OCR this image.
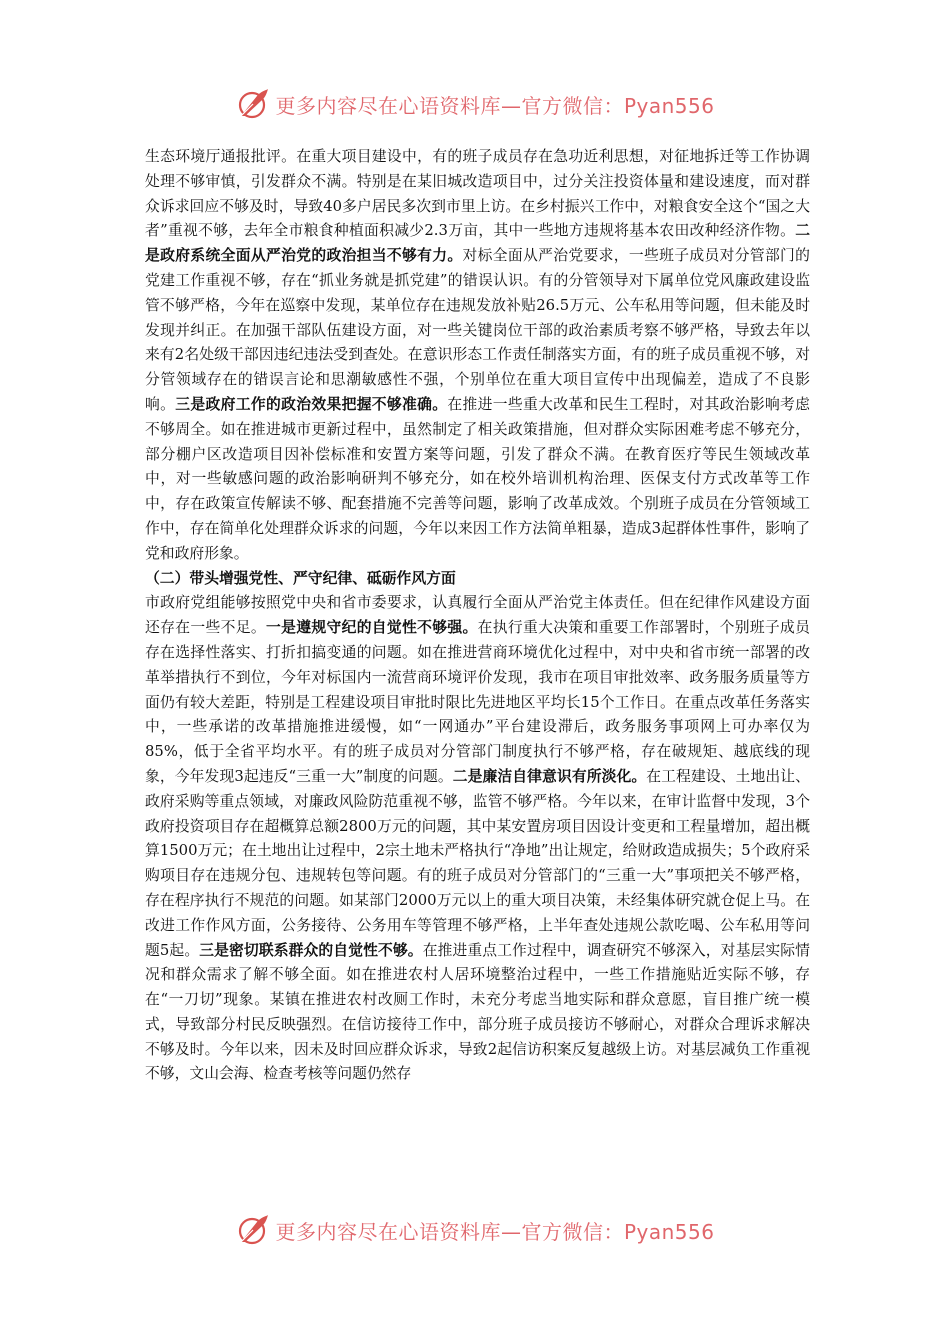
更多内容尽在心语资料库—官方微信：Pyan556

生态环境厅通报批评。在重大项目建设中，有的班子成员存在急功近利思想，对征地拆迁等工作协调处理不够审慎，引发群众不满。特别是在某旧城改造项目中，过分关注投资体量和建设速度，而对群众诉求回应不够及时，导致40多户居民多次到市里上访。在乡村振兴工作中，对粮食安全这个“国之大者”重视不够，去年全市粮食种植面积减少2.3万亩，其中一些地方违规将基本农田改种经济作物。二是政府系统全面从严治党的政治担当不够有力。对标全面从严治党要求，一些班子成员对分管部门的党建工作重视不够，存在“抓业务就是抓党建”的错误认识。有的分管领导对下属单位党风廉政建设监管不够严格，今年在巡察中发现，某单位存在违规发放补贴26.5万元、公车私用等问题，但未能及时发现并纠正。在加强干部队伍建设方面，对一些关键岗位干部的政治素质考察不够严格，导致去年以来有2名处级干部因违纪违法受到查处。在意识形态工作责任制落实方面，有的班子成员重视不够，对分管领域存在的错误言论和思潮敏感性不强，个别单位在重大项目宣传中出现偏差，造成了不良影响。三是政府工作的政治效果把握不够准确。在推进一些重大改革和民生工程时，对其政治影响考虑不够周全。如在推进城市更新过程中，虽然制定了相关政策措施，但对群众实际困难考虑不够充分，部分棚户区改造项目因补偿标准和安置方案等问题，引发了群众不满。在教育医疗等民生领域改革中，对一些敏感问题的政治影响研判不够充分，如在校外培训机构治理、医保支付方式改革等工作中，存在政策宣传解读不够、配套措施不完善等问题，影响了改革成效。个别班子成员在分管领域工作中，存在简单化处理群众诉求的问题，今年以来因工作方法简单粗暴，造成3起群体性事件，影响了党和政府形象。

（二）带头增强党性、严守纪律、砥砺作风方面

市政府党组能够按照党中央和省市委要求，认真履行全面从严治党主体责任。但在纪律作风建设方面还存在一些不足。一是遵规守纪的自觉性不够强。在执行重大决策和重要工作部署时，个别班子成员存在选择性落实、打折扣搞变通的问题。如在推进营商环境优化过程中，对中央和省市统一部署的改革举措执行不到位，今年对标国内一流营商环境评价发现，我市在项目审批效率、政务服务质量等方面仍有较大差距，特别是工程建设项目审批时限比先进地区平均长15个工作日。在重点改革任务落实中，一些承诺的改革措施推进缓慢，如“一网通办”平台建设滞后，政务服务事项网上可办率仅为85%，低于全省平均水平。有的班子成员对分管部门制度执行不够严格，存在破规矩、越底线的现象，今年发现3起违反“三重一大”制度的问题。二是廉洁自律意识有所淡化。在工程建设、土地出让、政府采购等重点领域，对廉政风险防范重视不够，监管不够严格。今年以来，在审计监督中发现，3个政府投资项目存在超概算总额2800万元的问题，其中某安置房项目因设计变更和工程量增加，超出概算1500万元；在土地出让过程中，2宗土地未严格执行“净地”出让规定，给财政造成损失；5个政府采购项目存在违规分包、违规转包等问题。有的班子成员对分管部门的“三重一大”事项把关不够严格，存在程序执行不规范的问题。如某部门2000万元以上的重大项目决策，未经集体研究就仓促上马。在改进工作作风方面，公务接待、公务用车等管理不够严格，上半年查处违规公款吃喝、公车私用等问题5起。三是密切联系群众的自觉性不够。在推进重点工作过程中，调查研究不够深入，对基层实际情况和群众需求了解不够全面。如在推进农村人居环境整治过程中，一些工作措施贴近实际不够，存在“一刀切”现象。某镇在推进农村改厕工作时，未充分考虑当地实际和群众意愿，盲目推广统一模式，导致部分村民反映强烈。在信访接待工作中，部分班子成员接访不够耐心，对群众合理诉求解决不够及时。今年以来，因未及时回应群众诉求，导致2起信访积案反复越级上访。对基层减负工作重视不够，文山会海、检查考核等问题仍然存

更多内容尽在心语资料库—官方微信：Pyan556
